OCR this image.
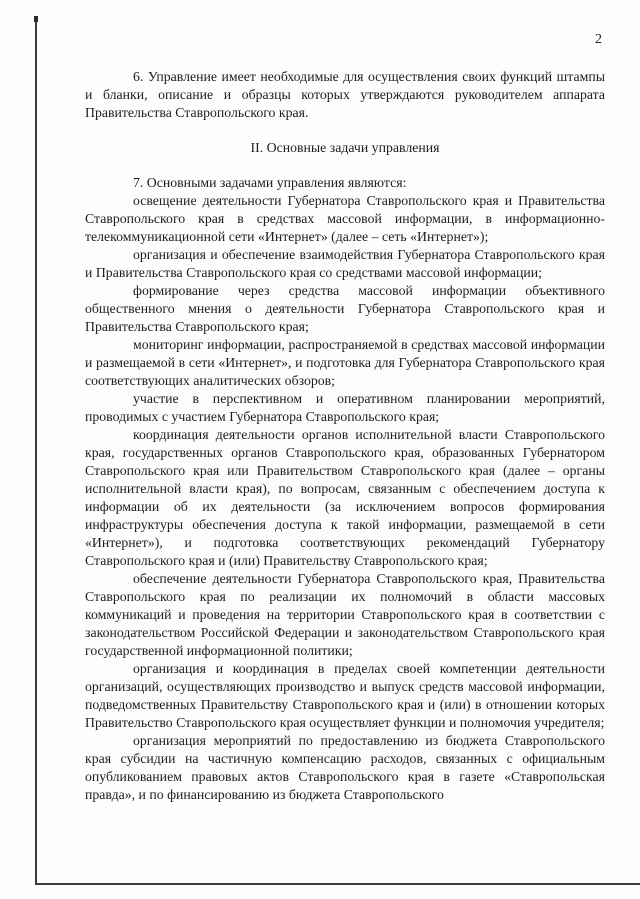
2

6. Управление имеет необходимые для осуществления своих функций штампы и бланки, описание и образцы которых утверждаются руководителем аппарата Правительства Ставропольского края.

II. Основные задачи управления

7. Основными задачами управления являются:

освещение деятельности Губернатора Ставропольского края и Правительства Ставропольского края в средствах массовой информации, в информационно-телекоммуникационной сети «Интернет» (далее – сеть «Интернет»);

организация и обеспечение взаимодействия Губернатора Ставропольского края и Правительства Ставропольского края со средствами массовой информации;

формирование через средства массовой информации объективного общественного мнения о деятельности Губернатора Ставропольского края и Правительства Ставропольского края;

мониторинг информации, распространяемой в средствах массовой информации и размещаемой в сети «Интернет», и подготовка для Губернатора Ставропольского края соответствующих аналитических обзоров;

участие в перспективном и оперативном планировании мероприятий, проводимых с участием Губернатора Ставропольского края;

координация деятельности органов исполнительной власти Ставропольского края, государственных органов Ставропольского края, образованных Губернатором Ставропольского края или Правительством Ставропольского края (далее – органы исполнительной власти края), по вопросам, связанным с обеспечением доступа к информации об их деятельности (за исключением вопросов формирования инфраструктуры обеспечения доступа к такой информации, размещаемой в сети «Интернет»), и подготовка соответствующих рекомендаций Губернатору Ставропольского края и (или) Правительству Ставропольского края;

обеспечение деятельности Губернатора Ставропольского края, Правительства Ставропольского края по реализации их полномочий в области массовых коммуникаций и проведения на территории Ставропольского края в соответствии с законодательством Российской Федерации и законодательством Ставропольского края государственной информационной политики;

организация и координация в пределах своей компетенции деятельности организаций, осуществляющих производство и выпуск средств массовой информации, подведомственных Правительству Ставропольского края и (или) в отношении которых Правительство Ставропольского края осуществляет функции и полномочия учредителя;

организация мероприятий по предоставлению из бюджета Ставропольского края субсидии на частичную компенсацию расходов, связанных с официальным опубликованием правовых актов Ставропольского края в газете «Ставропольская правда», и по финансированию из бюджета Ставропольского
